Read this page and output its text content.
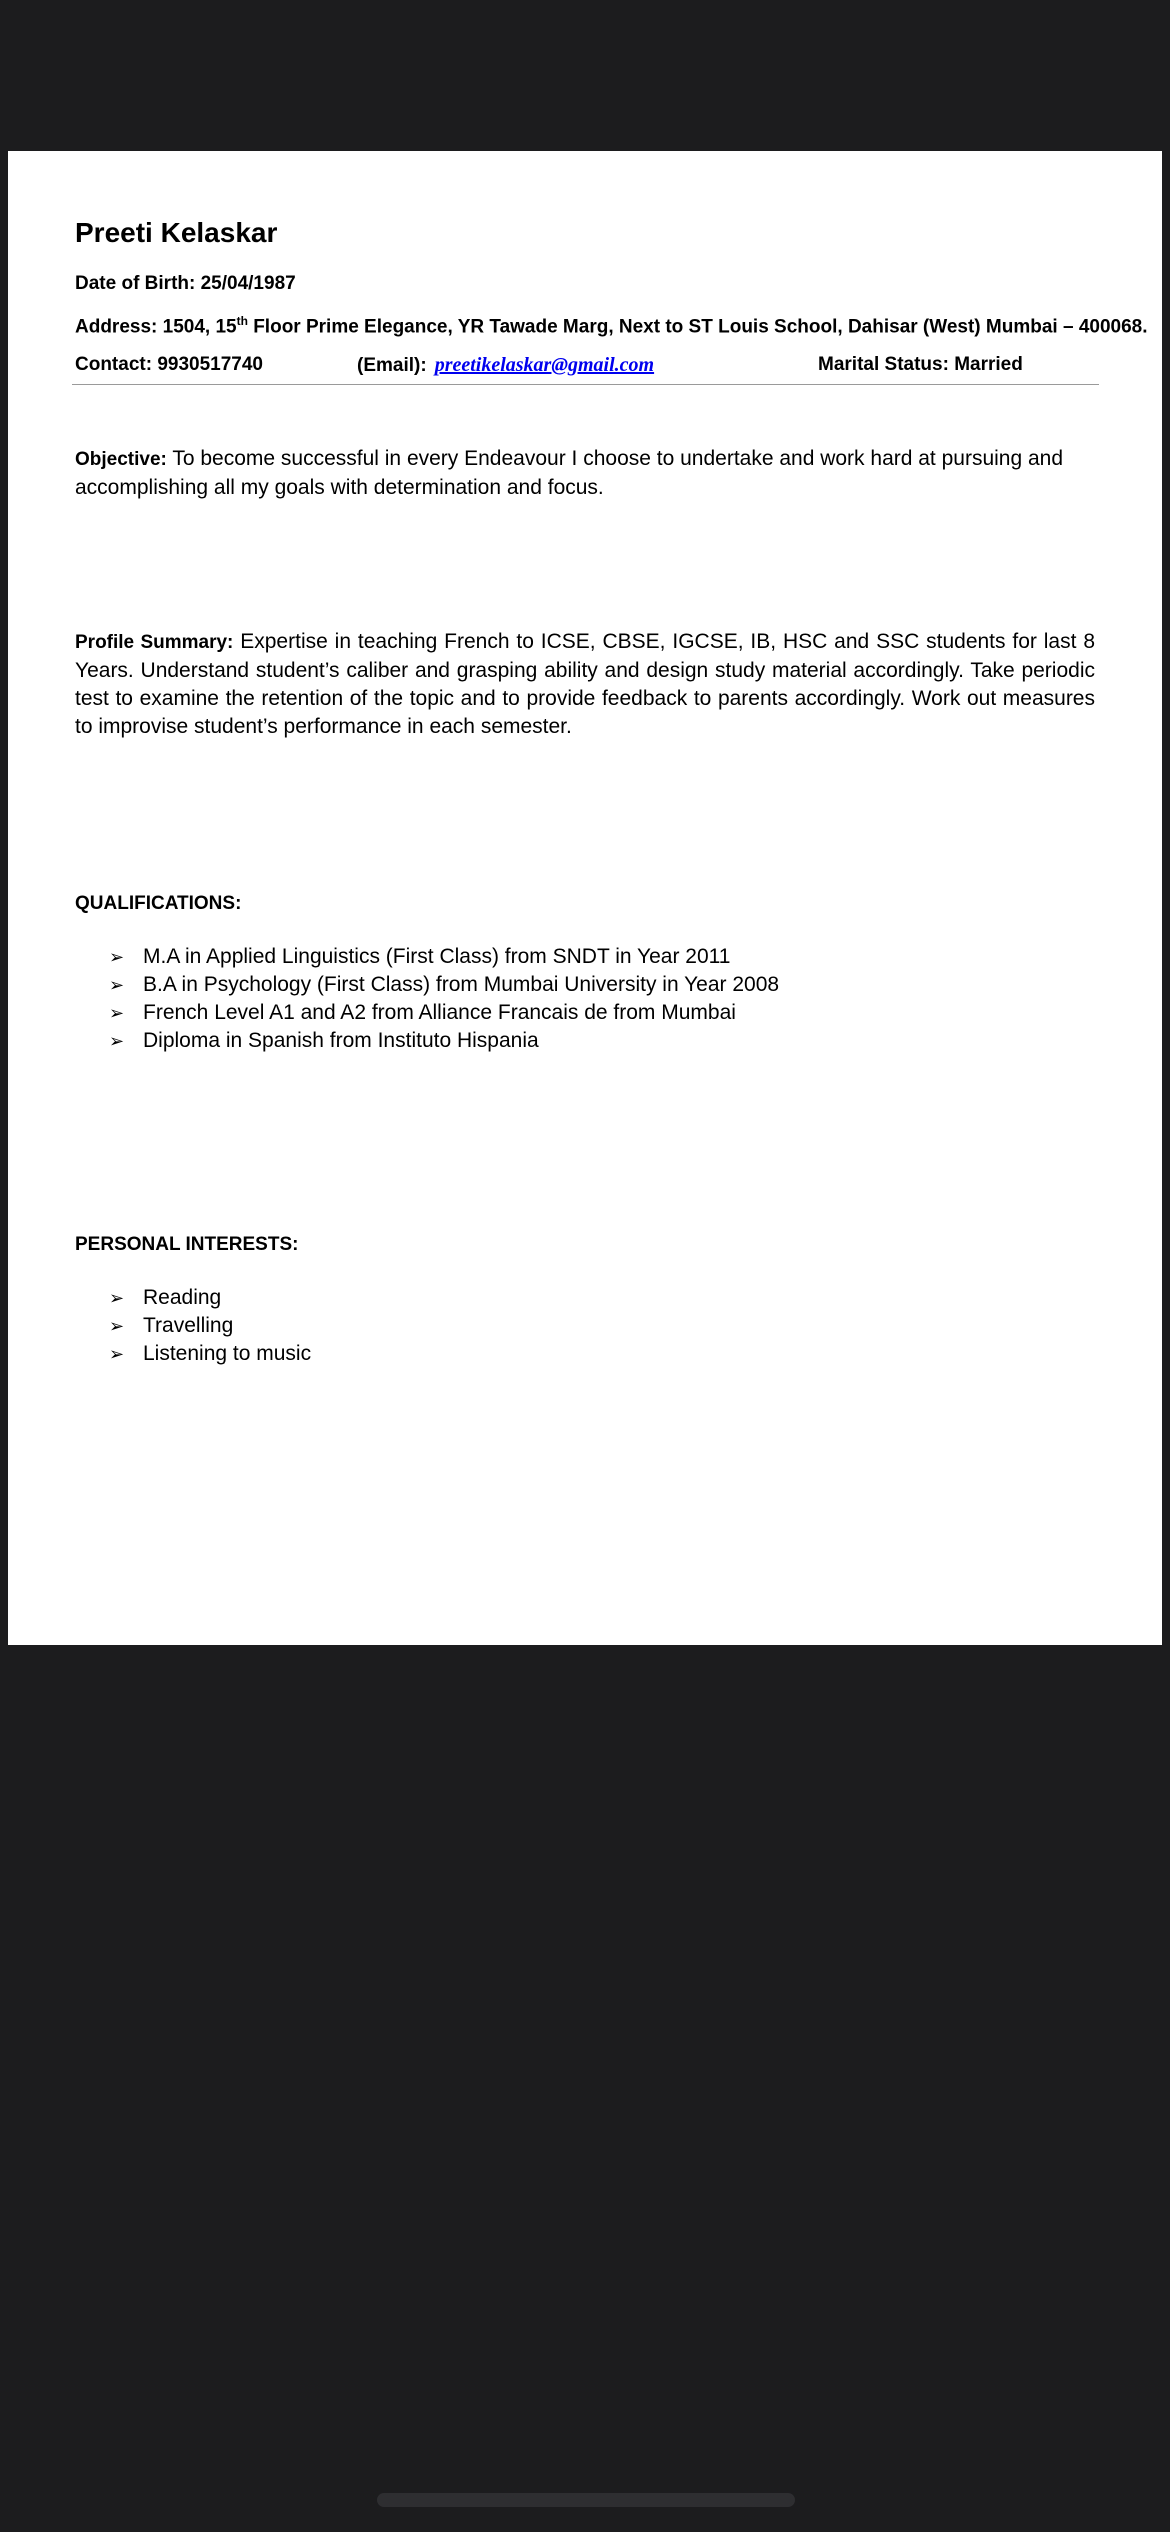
Preeti Kelaskar
Date of Birth: 25/04/1987
Address: 1504, 15th Floor Prime Elegance, YR Tawade Marg, Next to ST Louis School, Dahisar (West) Mumbai – 400068.
Contact: 9930517740	(Email): preetikelaskar@gmail.com	Marital Status: Married
Objective: To become successful in every Endeavour I choose to undertake and work hard at pursuing and accomplishing all my goals with determination and focus.
Profile Summary: Expertise in teaching French to ICSE, CBSE, IGCSE, IB, HSC and SSC students for last 8 Years. Understand student’s caliber and grasping ability and design study material accordingly. Take periodic test to examine the retention of the topic and to provide feedback to parents accordingly. Work out measures to improvise student’s performance in each semester.
QUALIFICATIONS:
➢ M.A in Applied Linguistics (First Class) from SNDT in Year 2011
➢ B.A in Psychology (First Class) from Mumbai University in Year 2008
➢ French Level A1 and A2 from Alliance Francais de from Mumbai
➢ Diploma in Spanish from Instituto Hispania
PERSONAL INTERESTS:
➢ Reading
➢ Travelling
➢ Listening to music
